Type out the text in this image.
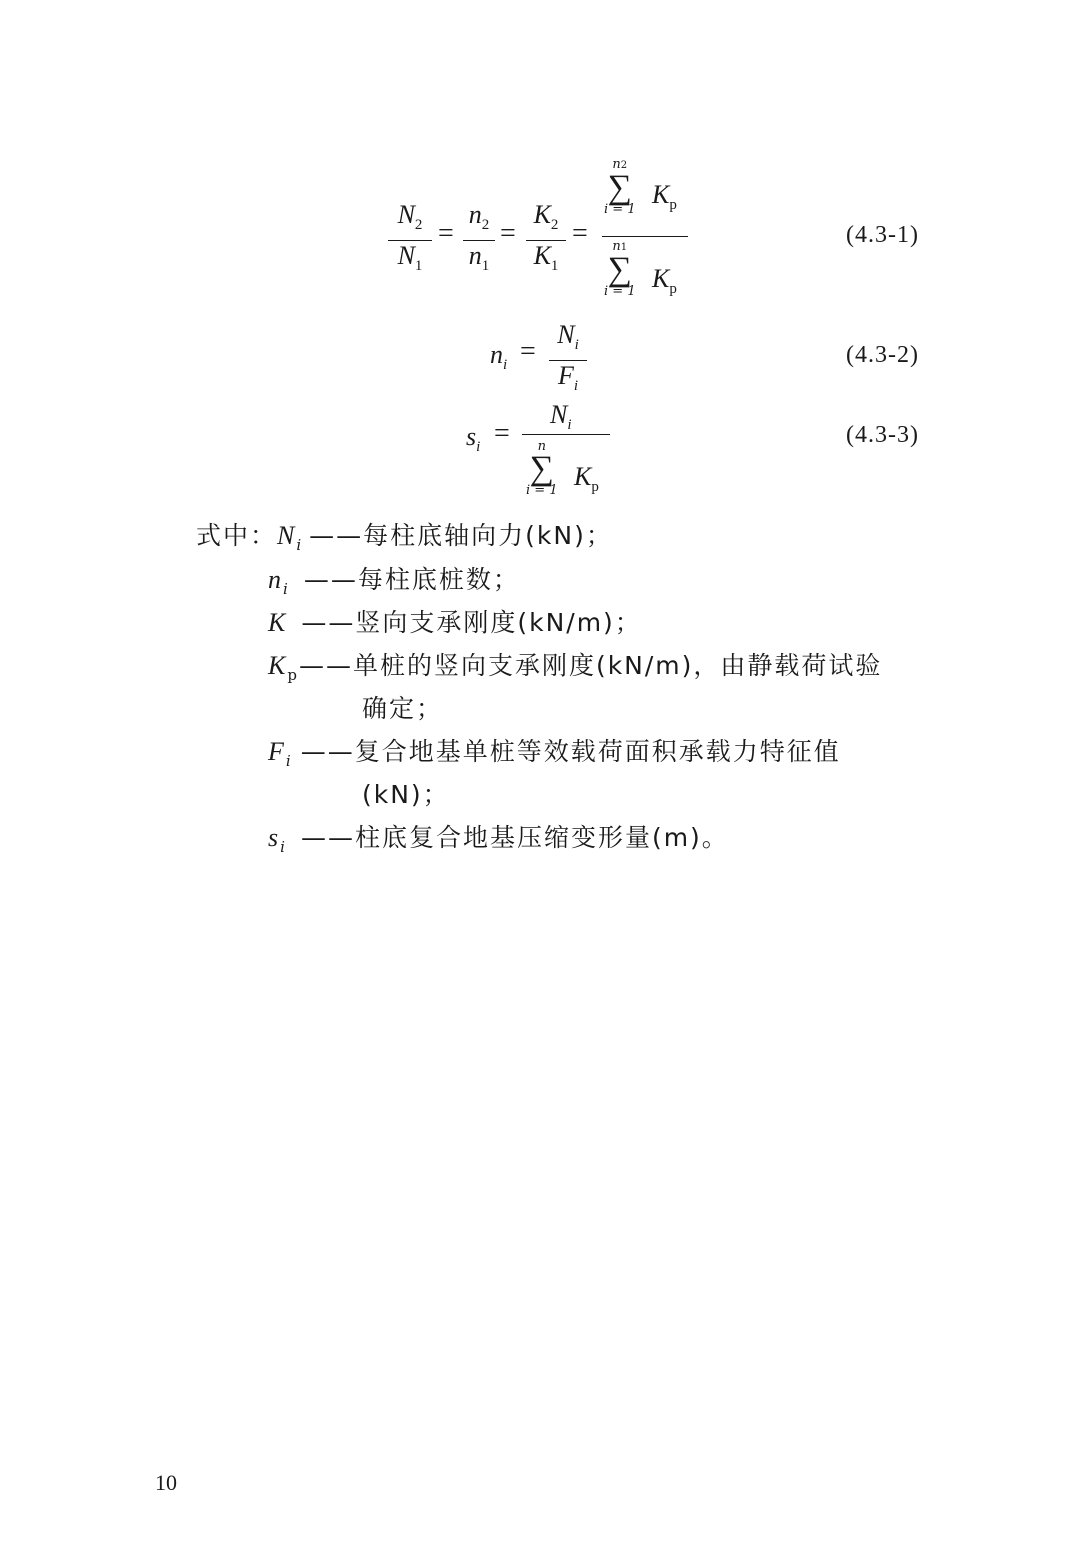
$N_2$
$N_1$
=
$n_2$
$n_1$
=
$K_2$
$K_1$
=
n2
∑
i = 1
$K_p$
n1
∑
i = 1 $K_p$
(4.3-1)
$n_i$ =
$N_i$
$F_i$
(4.3-2)
$s_i$ =
$N_i$
n
∑
i = 1 $K_p$
(4.3-3)
式中：$N_i$ ——每柱底轴向力(kN)；
$n_i$ ——每柱底桩数；
K ——竖向支承刚度(kN/m)；
$K_p——$单桩的竖向支承刚度(kN/m)，由静载荷试验
确定；
$F_i$ ——复合地基单桩等效载荷面积承载力特征值
(kN)；
$s_i$ ——柱底复合地基压缩变形量(m)。
10
